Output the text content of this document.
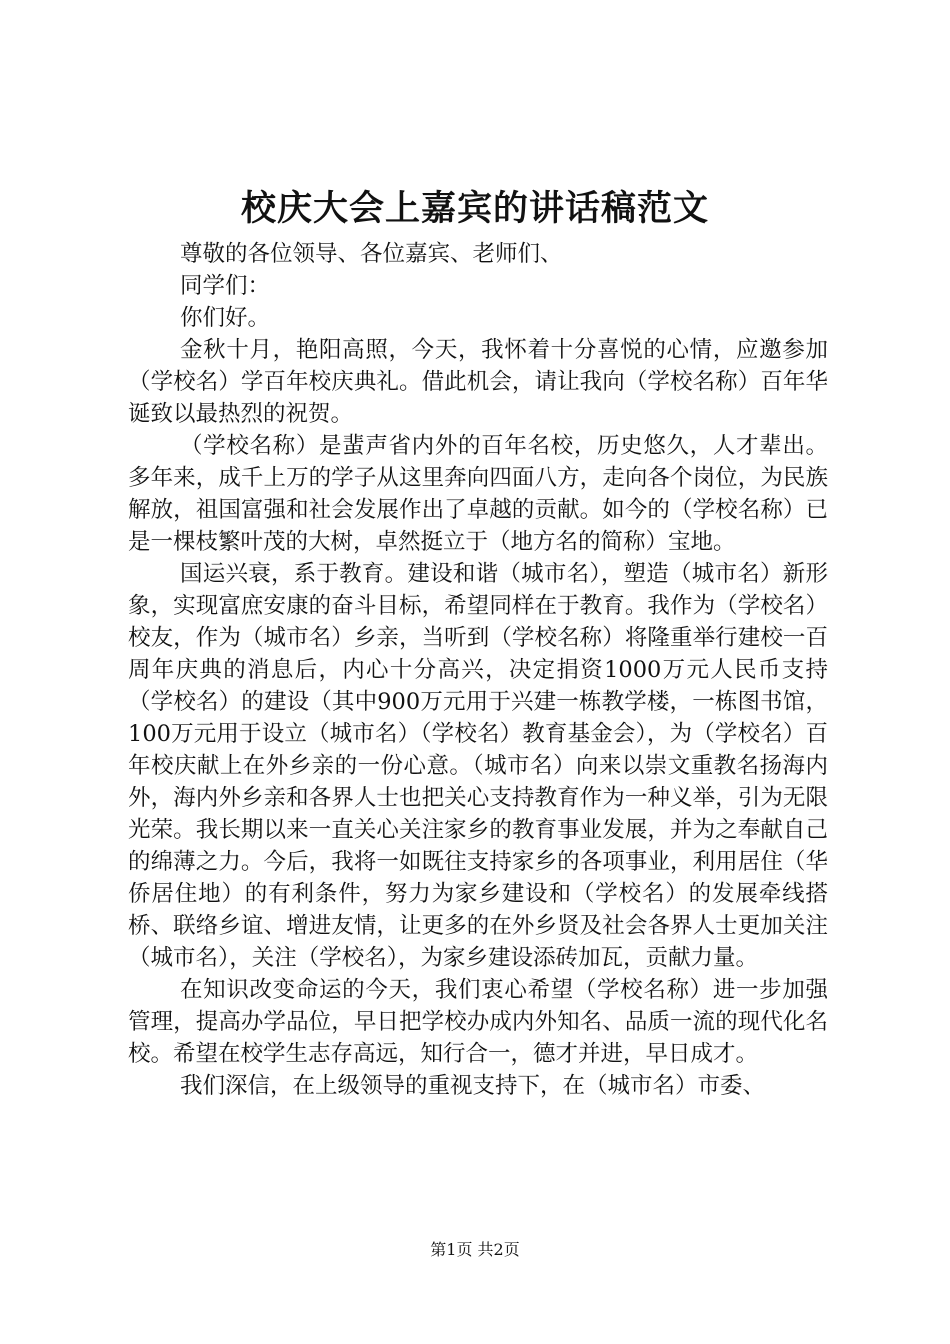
校庆大会上嘉宾的讲话稿范文

尊敬的各位领导、各位嘉宾、老师们、

同学们：

你们好。

金秋十月，艳阳高照，今天，我怀着十分喜悦的心情，应邀参加（学校名）学百年校庆典礼。借此机会，请让我向（学校名称）百年华诞致以最热烈的祝贺。

（学校名称）是蜚声省内外的百年名校，历史悠久，人才辈出。多年来，成千上万的学子从这里奔向四面八方，走向各个岗位，为民族解放，祖国富强和社会发展作出了卓越的贡献。如今的（学校名称）已是一棵枝繁叶茂的大树，卓然挺立于（地方名的简称）宝地。

国运兴衰，系于教育。建设和谐（城市名），塑造（城市名）新形象，实现富庶安康的奋斗目标，希望同样在于教育。我作为（学校名）校友，作为（城市名）乡亲，当听到（学校名称）将隆重举行建校一百周年庆典的消息后，内心十分高兴，决定捐资1000万元人民币支持（学校名）的建设（其中900万元用于兴建一栋教学楼，一栋图书馆，100万元用于设立（城市名）（学校名）教育基金会），为（学校名）百年校庆献上在外乡亲的一份心意。（城市名）向来以崇文重教名扬海内外，海内外乡亲和各界人士也把关心支持教育作为一种义举，引为无限光荣。我长期以来一直关心关注家乡的教育事业发展，并为之奉献自己的绵薄之力。今后，我将一如既往支持家乡的各项事业，利用居住（华侨居住地）的有利条件，努力为家乡建设和（学校名）的发展牵线搭桥、联络乡谊、增进友情，让更多的在外乡贤及社会各界人士更加关注（城市名），关注（学校名），为家乡建设添砖加瓦，贡献力量。

在知识改变命运的今天，我们衷心希望（学校名称）进一步加强管理，提高办学品位，早日把学校办成内外知名、品质一流的现代化名校。希望在校学生志存高远，知行合一，德才并进，早日成才。

我们深信，在上级领导的重视支持下，在（城市名）市委、

第1页 共2页
